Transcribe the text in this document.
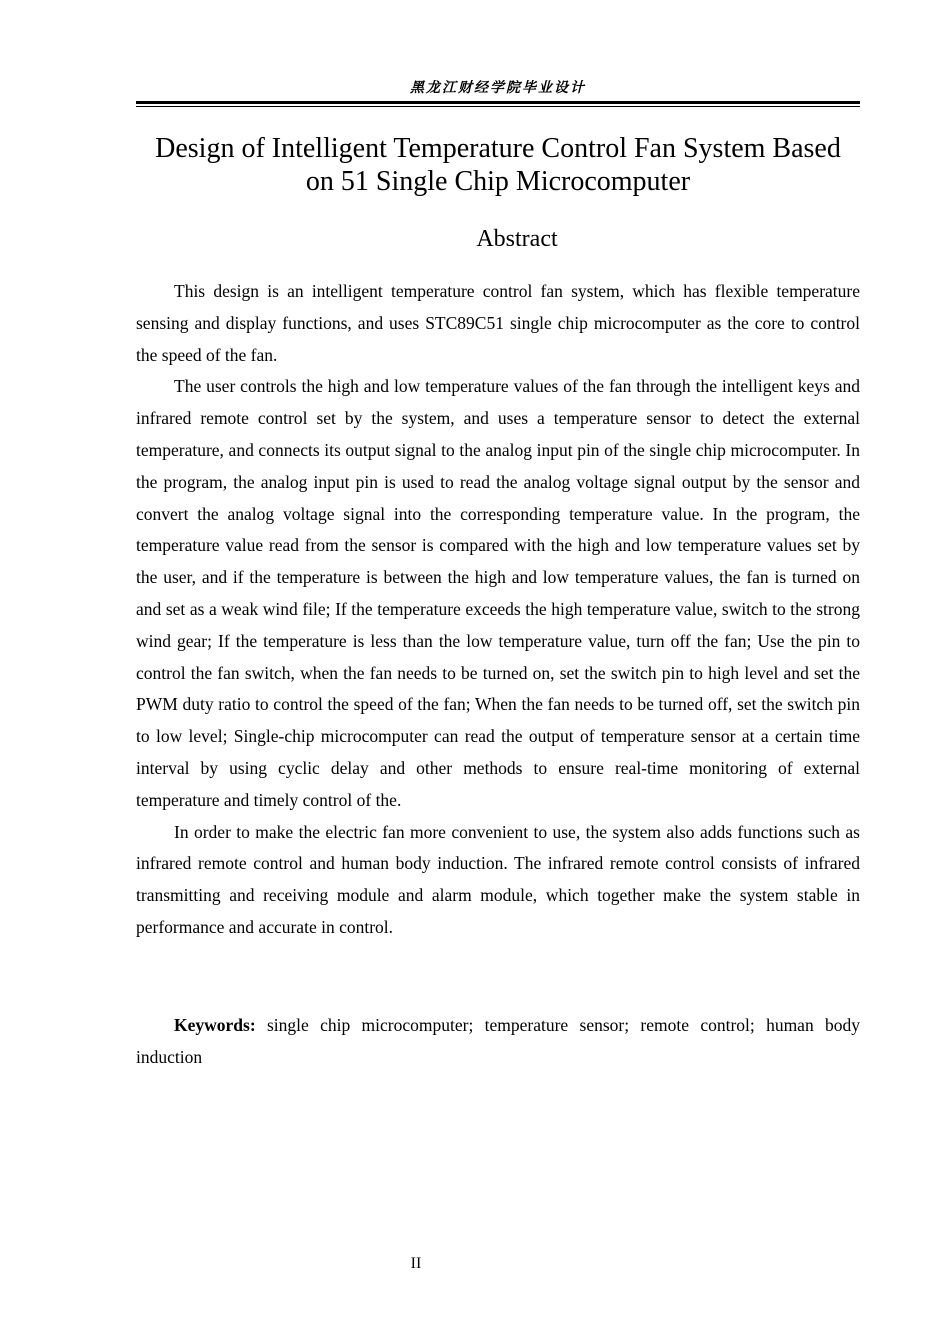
黑龙江财经学院毕业设计
Design of Intelligent Temperature Control Fan System Based
on 51 Single Chip Microcomputer
Abstract

This design is an intelligent temperature control fan system, which has flexible temperature sensing and display functions, and uses STC89C51 single chip microcomputer as the core to control the speed of the fan.

The user controls the high and low temperature values of the fan through the intelligent keys and infrared remote control set by the system, and uses a temperature sensor to detect the external temperature, and connects its output signal to the analog input pin of the single chip microcomputer. In the program, the analog input pin is used to read the analog voltage signal output by the sensor and convert the analog voltage signal into the corresponding temperature value. In the program, the temperature value read from the sensor is compared with the high and low temperature values set by the user, and if the temperature is between the high and low temperature values, the fan is turned on and set as a weak wind file; If the temperature exceeds the high temperature value, switch to the strong wind gear; If the temperature is less than the low temperature value, turn off the fan; Use the pin to control the fan switch, when the fan needs to be turned on, set the switch pin to high level and set the PWM duty ratio to control the speed of the fan; When the fan needs to be turned off, set the switch pin to low level; Single-chip microcomputer can read the output of temperature sensor at a certain time interval by using cyclic delay and other methods to ensure real-time monitoring of external temperature and timely control of the.

In order to make the electric fan more convenient to use, the system also adds functions such as infrared remote control and human body induction. The infrared remote control consists of infrared transmitting and receiving module and alarm module, which together make the system stable in performance and accurate in control.

Keywords: single chip microcomputer; temperature sensor; remote control; human body induction

II
